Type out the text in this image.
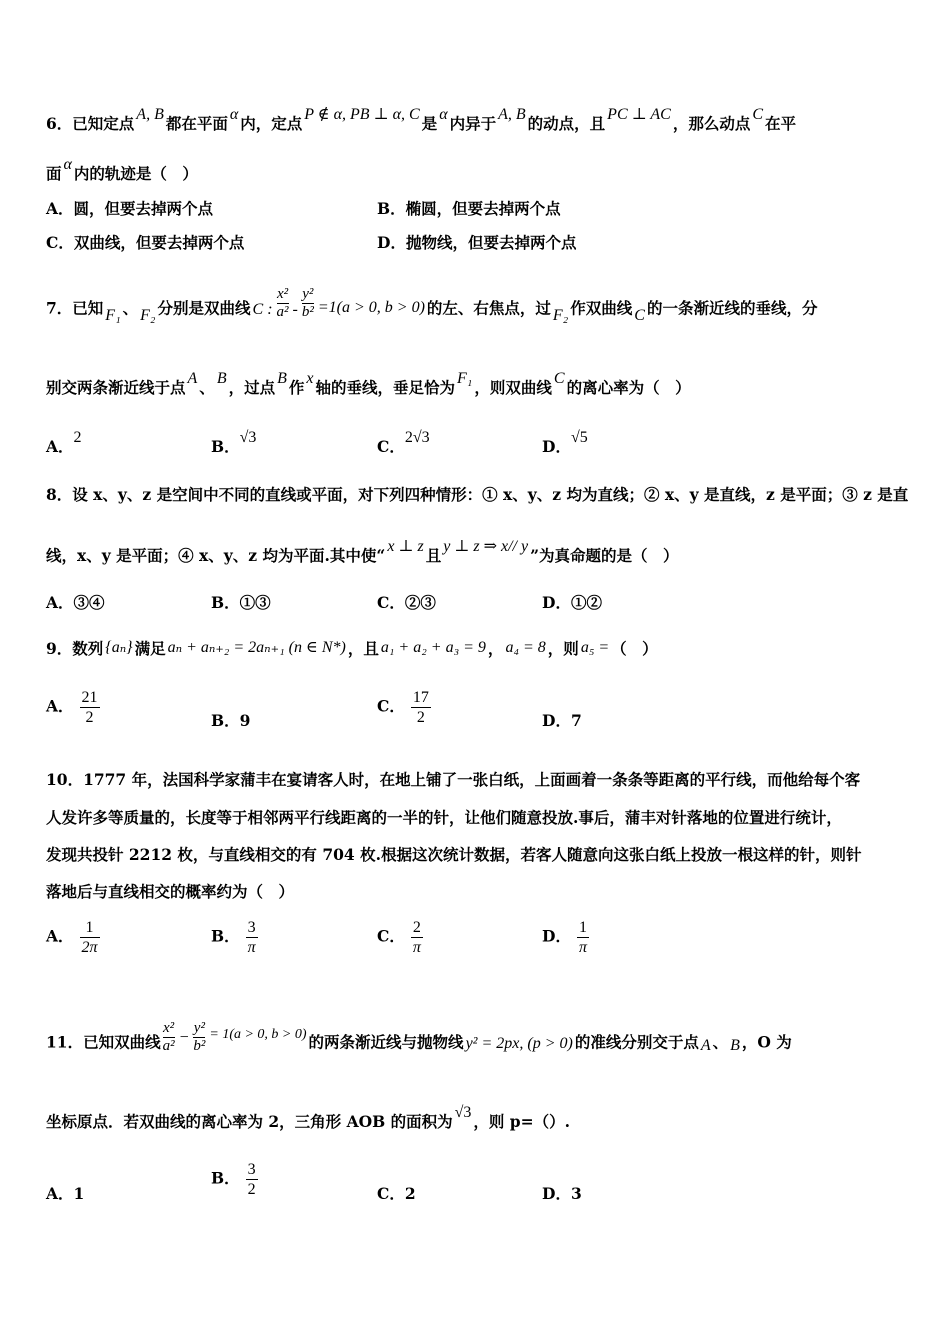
6．已知定点 A, B 都在平面 α 内，定点 P ∉ α, PB ⊥ α, C 是 α 内异于 A, B 的动点，且 PC ⊥ AC ，那么动点 C 在平
面 α 内的轨迹是（　）
A．圆，但要去掉两个点	B．椭圆，但要去掉两个点
C．双曲线，但要去掉两个点	D．抛物线，但要去掉两个点
7．已知 F₁ 、 F₂ 分别是双曲线 C : $\frac{\text{x²}}{\text{a²}} - \frac{\text{y²}}{\text{b²}} =1(a > 0$, b > 0) 的左、右焦点，过 F₂ 作双曲线 C 的一条渐近线的垂线，分
别交两条渐近线于点 A 、 B ，过点 B 作 x 轴的垂线，垂足恰为 F₁ ，则双曲线 C 的离心率为（　）
A．2	B．√3	C．2√3	D．√5
8．设 x、y、z 是空间中不同的直线或平面，对下列四种情形：① x、y、z 均为直线；② x、y 是直线，z 是平面；③ z 是直
线，x、y 是平面；④ x、y、z 均为平面.其中使“ x ⊥ z 且 y ⊥ z ⇒ x// y ”为真命题的是（　）
A．③④	B．①③	C．②③	D．①②
9．数列 {aₙ} 满足 aₙ + aₙ₊₂ = 2aₙ₊₁ (n ∈ N*) ，且 a₁ + a₂ + a₃ = 9 ， a₄ = 8 ，则 a₅ = （　）
A． $\frac{21}{2}$	B．9
C． $\frac{17}{2}$	D．7
10．1777 年，法国科学家蒲丰在宴请客人时，在地上铺了一张白纸，上面画着一条条等距离的平行线，而他给每个客
人发许多等质量的，长度等于相邻两平行线距离的一半的针，让他们随意投放.事后，蒲丰对针落地的位置进行统计，
发现共投针 2212 枚，与直线相交的有 704 枚.根据这次统计数据，若客人随意向这张白纸上投放一根这样的针，则针
落地后与直线相交的概率约为（　）
A． $\frac{1}{2\pi}$	B． $\frac{3}{\pi}$	C． $\frac{2}{\pi}$	D． $\frac{1}{\pi}$
11．已知双曲线 $\frac{\text{x²}}{\text{a²}} - \frac{\text{y²}}{\text{b²}} = 1(a > 0$, b > 0) 的两条渐近线与抛物线 y² = 2px, (p > 0) 的准线分别交于点 A 、 B ，O 为
坐标原点．若双曲线的离心率为 2，三角形 AOB 的面积为 √3 ，则 p=（）.
A．1
B． $\frac{3}{2}$	C．2	D．3
